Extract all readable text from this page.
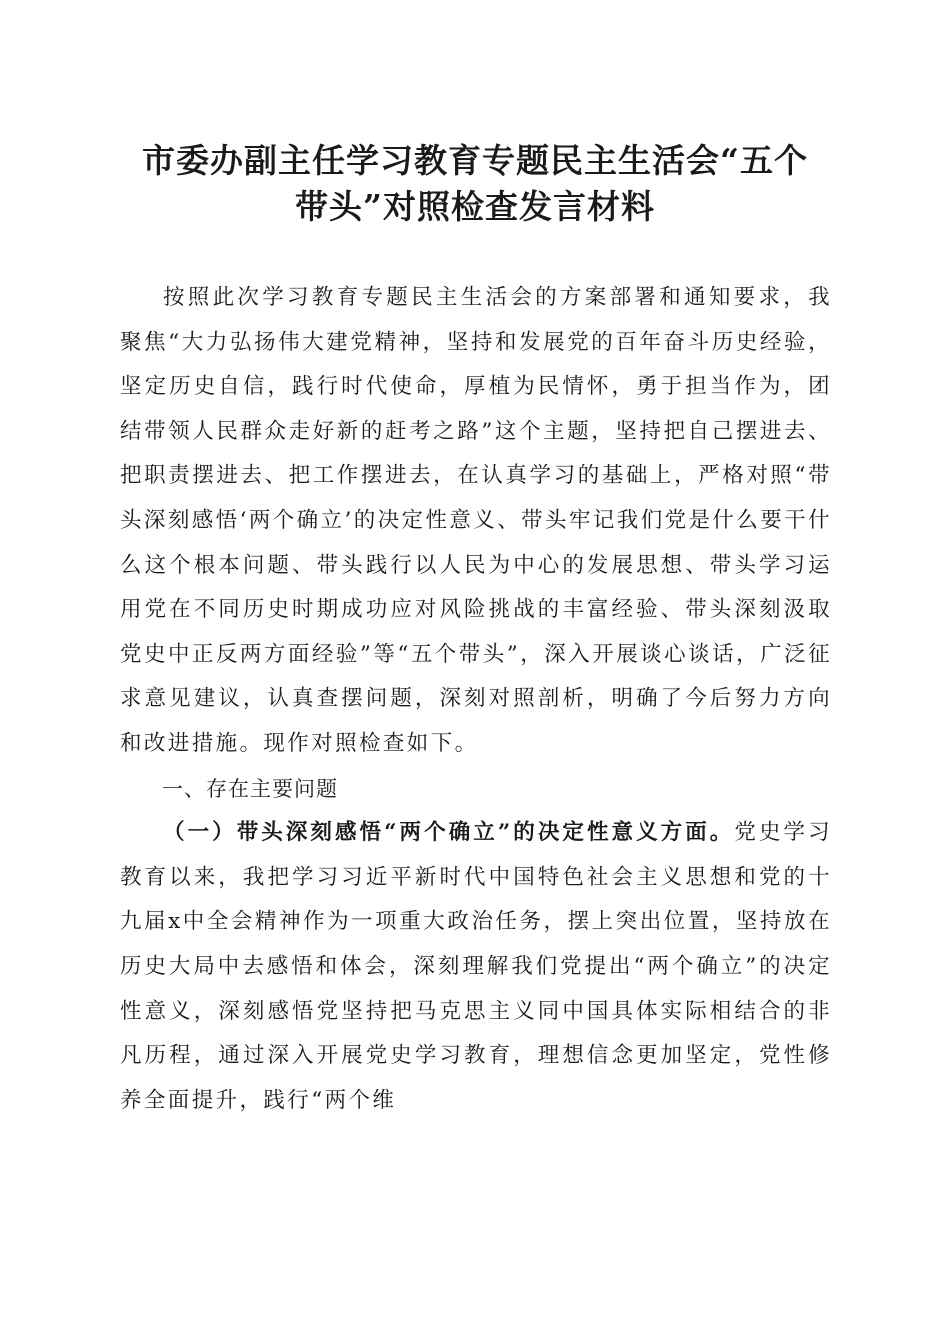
市委办副主任学习教育专题民主生活会“五个
带头”对照检查发言材料

按照此次学习教育专题民主生活会的方案部署和通知要求，我聚焦“大力弘扬伟大建党精神，坚持和发展党的百年奋斗历史经验，坚定历史自信，践行时代使命，厚植为民情怀，勇于担当作为，团结带领人民群众走好新的赶考之路”这个主题，坚持把自己摆进去、把职责摆进去、把工作摆进去，在认真学习的基础上，严格对照“带头深刻感悟‘两个确立’的决定性意义、带头牢记我们党是什么要干什么这个根本问题、带头践行以人民为中心的发展思想、带头学习运用党在不同历史时期成功应对风险挑战的丰富经验、带头深刻汲取党史中正反两方面经验”等“五个带头”，深入开展谈心谈话，广泛征求意见建议，认真查摆问题，深刻对照剖析，明确了今后努力方向和改进措施。现作对照检查如下。

一、存在主要问题

（一）带头深刻感悟“两个确立”的决定性意义方面。党史学习教育以来，我把学习习近平新时代中国特色社会主义思想和党的十九届x中全会精神作为一项重大政治任务，摆上突出位置，坚持放在历史大局中去感悟和体会，深刻理解我们党提出“两个确立”的决定性意义，深刻感悟党坚持把马克思主义同中国具体实际相结合的非凡历程，通过深入开展党史学习教育，理想信念更加坚定，党性修养全面提升，践行“两个维
